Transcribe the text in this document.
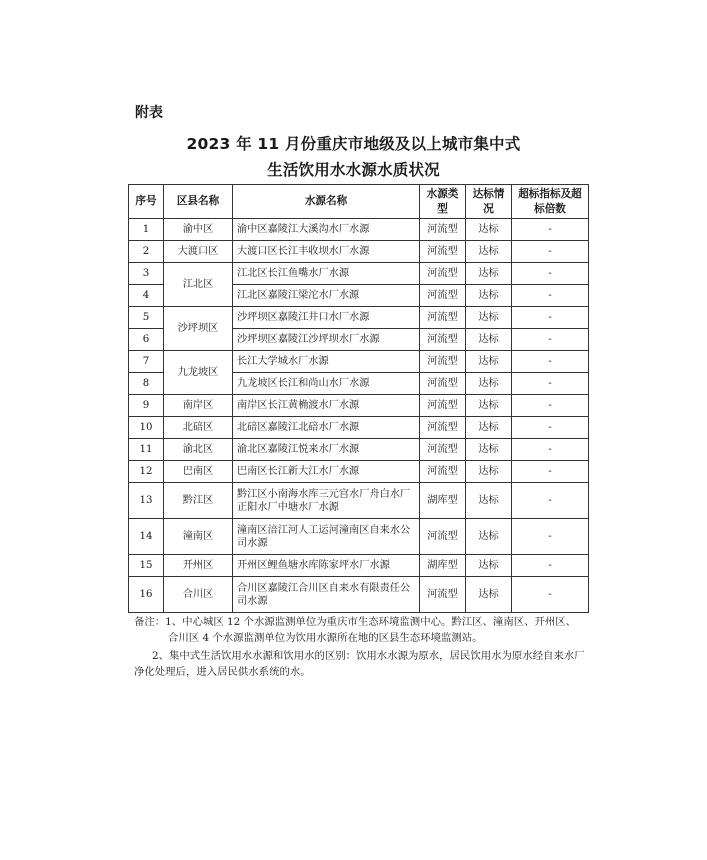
附表
2023 年 11 月份重庆市地级及以上城市集中式
生活饮用水水源水质状况
序号	区县名称	水源名称	水源类型	达标情况	超标指标及超标倍数
1	渝中区	渝中区嘉陵江大溪沟水厂水源	河流型	达标	-
2	大渡口区	大渡口区长江丰收坝水厂水源	河流型	达标	-
3	江北区	江北区长江鱼嘴水厂水源	河流型	达标	-
4		江北区嘉陵江梁沱水厂水源	河流型	达标	-
5	沙坪坝区	沙坪坝区嘉陵江井口水厂水源	河流型	达标	-
6		沙坪坝区嘉陵江沙坪坝水厂水源	河流型	达标	-
7	九龙坡区	长江大学城水厂水源	河流型	达标	-
8		九龙坡区长江和尚山水厂水源	河流型	达标	-
9	南岸区	南岸区长江黄桷渡水厂水源	河流型	达标	-
10	北碚区	北碚区嘉陵江北碚水厂水源	河流型	达标	-
11	渝北区	渝北区嘉陵江悦来水厂水源	河流型	达标	-
12	巴南区	巴南区长江新大江水厂水源	河流型	达标	-
13	黔江区	黔江区小南海水库三元宫水厂舟白水厂正阳水厂中塘水厂水源	湖库型	达标	-
14	潼南区	潼南区涪江河人工运河潼南区自来水公司水源	河流型	达标	-
15	开州区	开州区鲤鱼塘水库陈家坪水厂水源	湖库型	达标	-
16	合川区	合川区嘉陵江合川区自来水有限责任公司水源	河流型	达标	-

备注：1、中心城区 12 个水源监测单位为重庆市生态环境监测中心。黔江区、潼南区、开州区、合川区 4 个水源监测单位为饮用水源所在地的区县生态环境监测站。

2、集中式生活饮用水水源和饮用水的区别：饮用水水源为原水，居民饮用水为原水经自来水厂净化处理后，进入居民供水系统的水。
